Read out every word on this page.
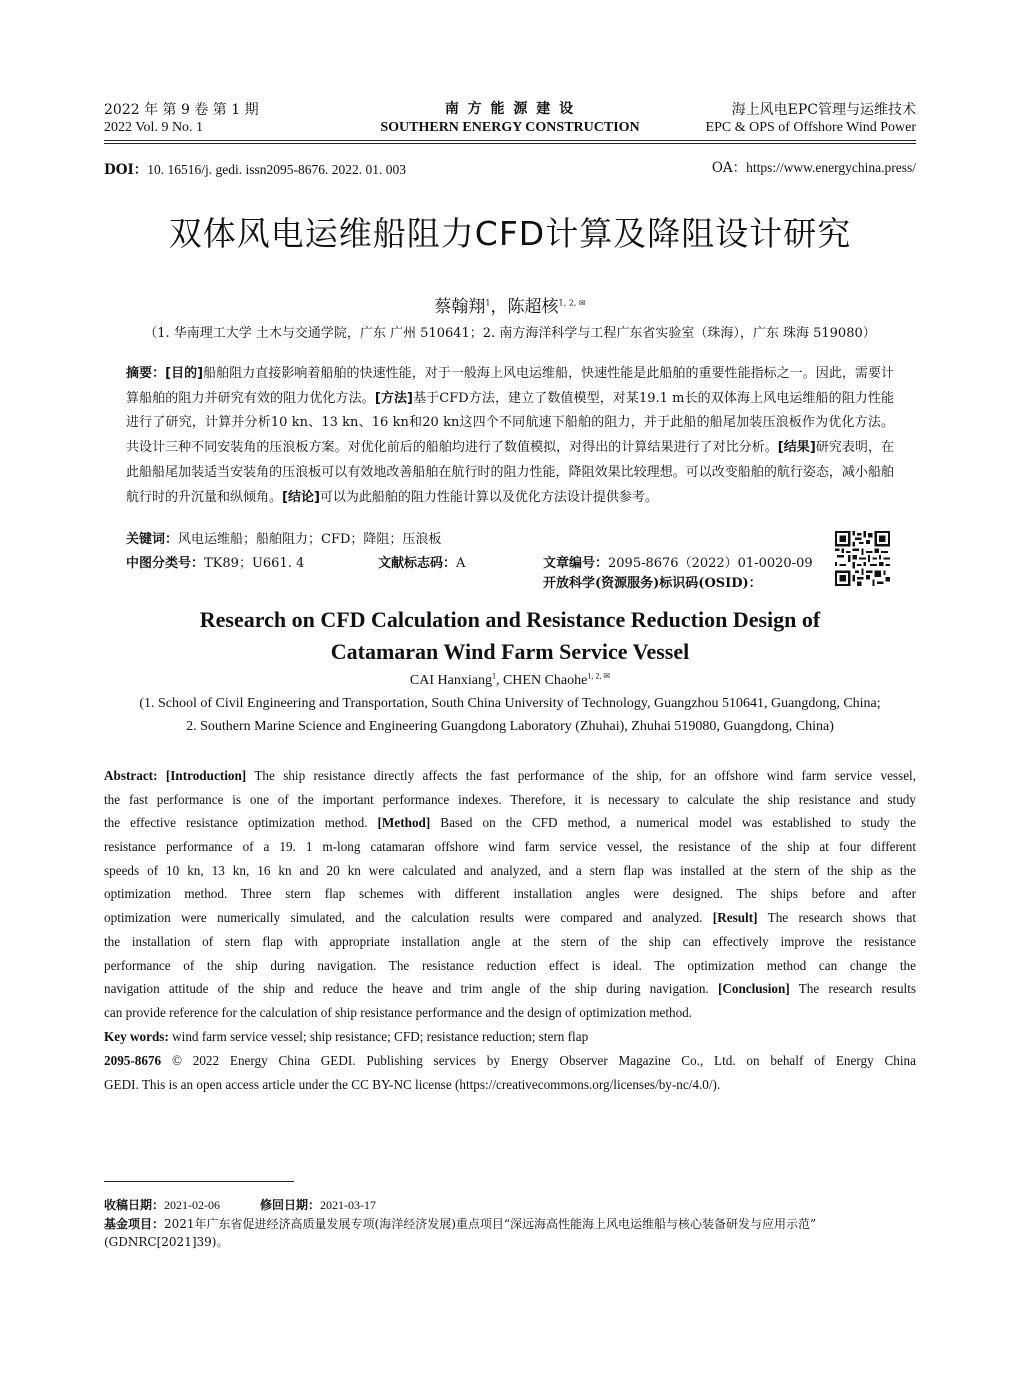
2022 年 第 9 卷 第 1 期
2022 Vol. 9 No. 1
南 方 能 源 建 设
SOUTHERN ENERGY CONSTRUCTION
海上风电EPC管理与运维技术
EPC & OPS of Offshore Wind Power
DOI：10. 16516/j. gedi. issn2095-8676. 2022. 01. 003	OA：https://www.energychina.press/
双体风电运维船阻力CFD计算及降阻设计研究
蔡翰翔$^1$，陈超核$^{1, 2, ✉}$
（1. 华南理工大学 土木与交通学院，广东 广州 510641；2. 南方海洋科学与工程广东省实验室（珠海），广东 珠海 519080）
摘要：[目的]船舶阻力直接影响着船舶的快速性能，对于一般海上风电运维船，快速性能是此船舶的重要性能指标之一。因此，需要计算船舶的阻力并研究有效的阻力优化方法。[方法]基于CFD方法，建立了数值模型，对某19.1 m长的双体海上风电运维船的阻力性能进行了研究，计算并分析10 kn、13 kn、16 kn和20 kn这四个不同航速下船舶的阻力，并于此船的船尾加装压浪板作为优化方法。共设计三种不同安装角的压浪板方案。对优化前后的船舶均进行了数值模拟，对得出的计算结果进行了对比分析。[结果]研究表明，在此船船尾加装适当安装角的压浪板可以有效地改善船舶在航行时的阻力性能，降阻效果比较理想。可以改变船舶的航行姿态，减小船舶航行时的升沉量和纵倾角。[结论]可以为此船舶的阻力性能计算以及优化方法设计提供参考。
关键词：风电运维船；船舶阻力；CFD；降阻；压浪板
中图分类号：TK89；U661. 4	文献标志码：A	文章编号：2095-8676（2022）01-0020-09
开放科学(资源服务)标识码(OSID)：
Research on CFD Calculation and Resistance Reduction Design of
Catamaran Wind Farm Service Vessel
CAI Hanxiang$^1$, CHEN Chaohe$^{1, 2, ✉}$
(1. School of Civil Engineering and Transportation, South China University of Technology, Guangzhou 510641, Guangdong, China;
2. Southern Marine Science and Engineering Guangdong Laboratory (Zhuhai), Zhuhai 519080, Guangdong, China)
Abstract: [Introduction] The ship resistance directly affects the fast performance of the ship, for an offshore wind farm service vessel,
the fast performance is one of the important performance indexes. Therefore, it is necessary to calculate the ship resistance and study
the effective resistance optimization method. [Method] Based on the CFD method, a numerical model was established to study the
resistance performance of a 19. 1 m-long catamaran offshore wind farm service vessel, the resistance of the ship at four different
speeds of 10 kn, 13 kn, 16 kn and 20 kn were calculated and analyzed, and a stern flap was installed at the stern of the ship as the
optimization method. Three stern flap schemes with different installation angles were designed. The ships before and after
optimization were numerically simulated, and the calculation results were compared and analyzed. [Result] The research shows that
the installation of stern flap with appropriate installation angle at the stern of the ship can effectively improve the resistance
performance of the ship during navigation. The resistance reduction effect is ideal. The optimization method can change the
navigation attitude of the ship and reduce the heave and trim angle of the ship during navigation. [Conclusion] The research results
can provide reference for the calculation of ship resistance performance and the design of optimization method.
Key words: wind farm service vessel; ship resistance; CFD; resistance reduction; stern flap
2095-8676 © 2022 Energy China GEDI. Publishing services by Energy Observer Magazine Co., Ltd. on behalf of Energy China
GEDI. This is an open access article under the CC BY-NC license (https://creativecommons.org/licenses/by-nc/4.0/).
收稿日期：2021-02-06	修回日期：2021-03-17
基金项目：2021年广东省促进经济高质量发展专项(海洋经济发展)重点项目“深远海高性能海上风电运维船与核心装备研发与应用示范”
(GDNRC[2021]39)。
